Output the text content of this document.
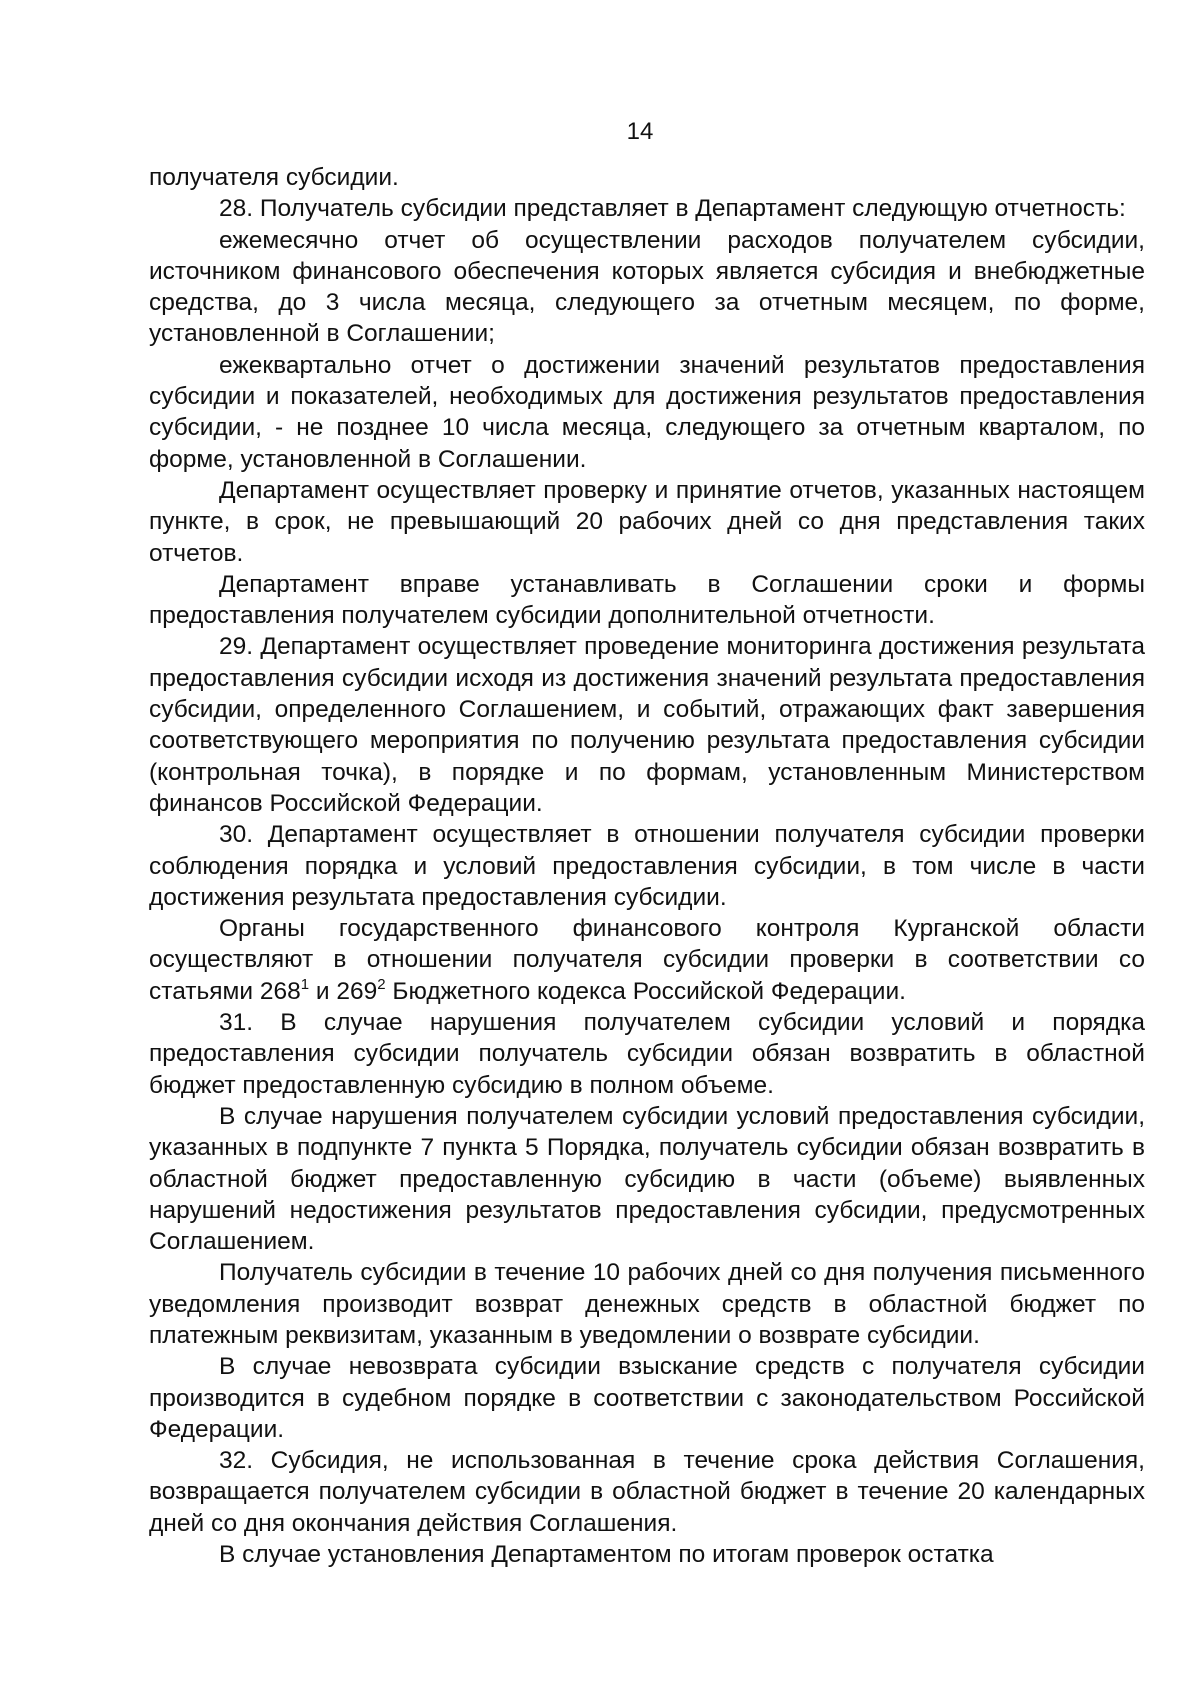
14

получателя субсидии.

28. Получатель субсидии представляет в Департамент следующую отчетность:

ежемесячно отчет об осуществлении расходов получателем субсидии, источником финансового обеспечения которых является субсидия и внебюджетные средства, до 3 числа месяца, следующего за отчетным месяцем, по форме, установленной в Соглашении;

ежеквартально отчет о достижении значений результатов предоставления субсидии и показателей, необходимых для достижения результатов предоставления субсидии, - не позднее 10 числа месяца, следующего за отчетным кварталом, по форме, установленной в Соглашении.

Департамент осуществляет проверку и принятие отчетов, указанных настоящем пункте, в срок, не превышающий 20 рабочих дней со дня представления таких отчетов.

Департамент вправе устанавливать в Соглашении сроки и формы предоставления получателем субсидии дополнительной отчетности.

29. Департамент осуществляет проведение мониторинга достижения результата предоставления субсидии исходя из достижения значений результата предоставления субсидии, определенного Соглашением, и событий, отражающих факт завершения соответствующего мероприятия по получению результата предоставления субсидии (контрольная точка), в порядке и по формам, установленным Министерством финансов Российской Федерации.

30. Департамент осуществляет в отношении получателя субсидии проверки соблюдения порядка и условий предоставления субсидии, в том числе в части достижения результата предоставления субсидии.

Органы государственного финансового контроля Курганской области осуществляют в отношении получателя субсидии проверки в соответствии со статьями $268^1$ и $269^2$ Бюджетного кодекса Российской Федерации.

31. В случае нарушения получателем субсидии условий и порядка предоставления субсидии получатель субсидии обязан возвратить в областной бюджет предоставленную субсидию в полном объеме.

В случае нарушения получателем субсидии условий предоставления субсидии, указанных в подпункте 7 пункта 5 Порядка, получатель субсидии обязан возвратить в областной бюджет предоставленную субсидию в части (объеме) выявленных нарушений недостижения результатов предоставления субсидии, предусмотренных Соглашением.

Получатель субсидии в течение 10 рабочих дней со дня получения письменного уведомления производит возврат денежных средств в областной бюджет по платежным реквизитам, указанным в уведомлении о возврате субсидии.

В случае невозврата субсидии взыскание средств с получателя субсидии производится в судебном порядке в соответствии с законодательством Российской Федерации.

32. Субсидия, не использованная в течение срока действия Соглашения, возвращается получателем субсидии в областной бюджет в течение 20 календарных дней со дня окончания действия Соглашения.

В случае установления Департаментом по итогам проверок остатка
